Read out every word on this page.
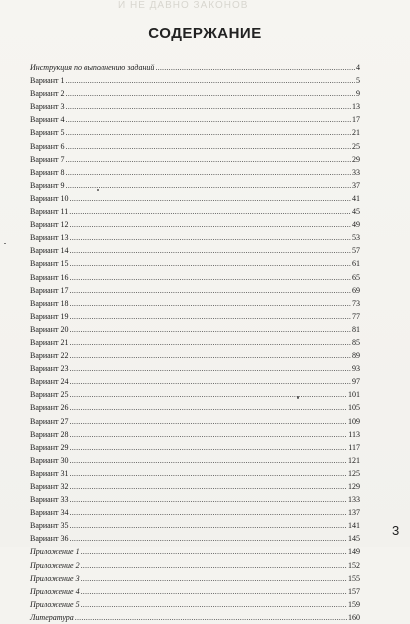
И НЕ ДАВНО ЗАКОНОВ
СОДЕРЖАНИЕ
Инструкция по выполнению заданий .....	4
Вариант 1 .....	5
Вариант 2 .....	9
Вариант 3 .....	13
Вариант 4 .....	17
Вариант 5 .....	21
Вариант 6 .....	25
Вариант 7 .....	29
Вариант 8 .....	33
Вариант 9 .....	37
Вариант 10 .....	41
Вариант 11 .....	45
Вариант 12 .....	49
Вариант 13 .....	53
Вариант 14 .....	57
Вариант 15 .....	61
Вариант 16 .....	65
Вариант 17 .....	69
Вариант 18 .....	73
Вариант 19 .....	77
Вариант 20 .....	81
Вариант 21 .....	85
Вариант 22 .....	89
Вариант 23 .....	93
Вариант 24 .....	97
Вариант 25 .....	101
Вариант 26 .....	105
Вариант 27 .....	109
Вариант 28 .....	113
Вариант 29 .....	117
Вариант 30 .....	121
Вариант 31 .....	125
Вариант 32 .....	129
Вариант 33 .....	133
Вариант 34 .....	137
Вариант 35 .....	141
Вариант 36 .....	145
Приложение 1 .....	149
Приложение 2 .....	152
Приложение 3 .....	155
Приложение 4 .....	157
Приложение 5 .....	159
Литература .....	160
3
